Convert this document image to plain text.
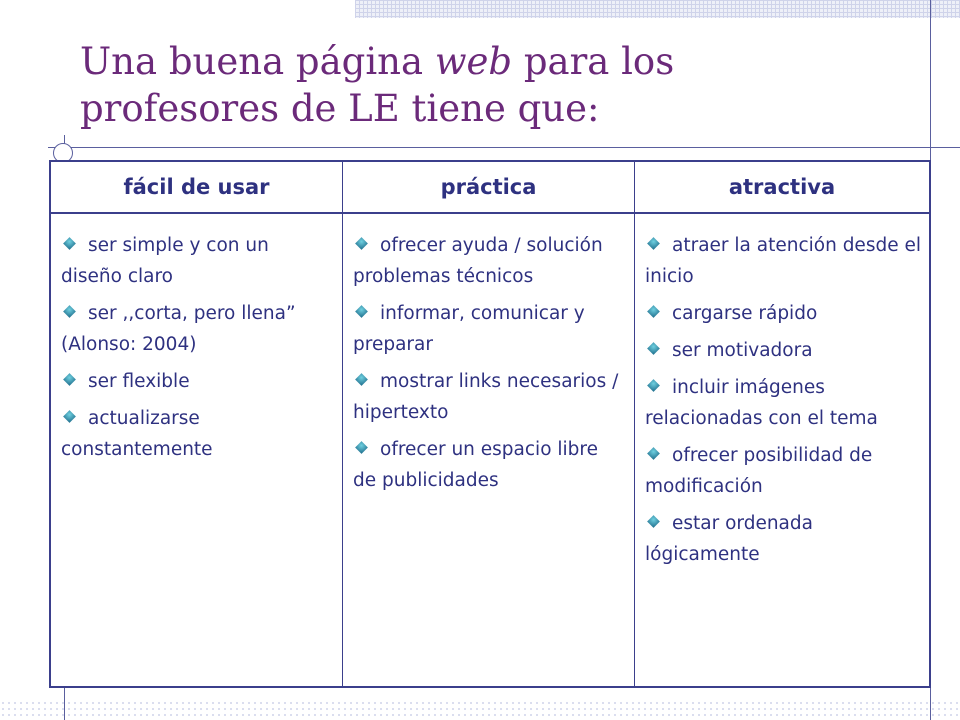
Una buena página web para los profesores de LE tiene que:
fácil de usar	práctica	atractiva
ser simple y con un diseño claro
ser ,,corta, pero llena” (Alonso: 2004)
ser flexible
actualizarse constantemente
ofrecer ayuda / solución problemas técnicos
informar, comunicar y preparar
mostrar links necesarios / hipertexto
ofrecer un espacio libre de publicidades
atraer la atención desde el inicio
cargarse rápido
ser motivadora
incluir imágenes relacionadas con el tema
ofrecer posibilidad de modificación
estar ordenada lógicamente
